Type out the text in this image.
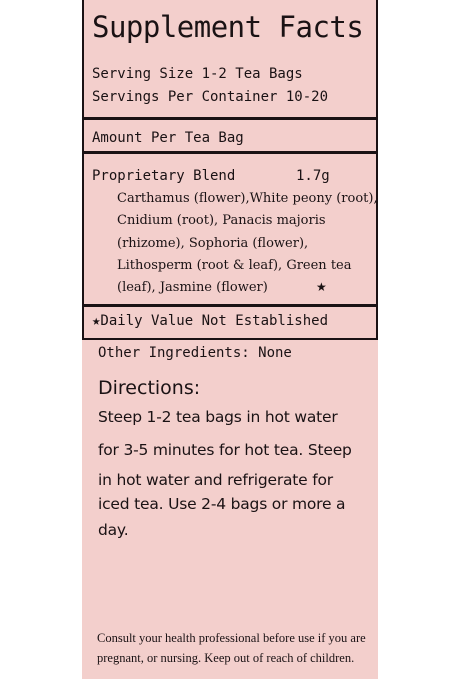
Supplement Facts
Serving Size 1-2 Tea Bags
Servings Per Container 10-20
Amount Per Tea Bag
Proprietary Blend	1.7g
Carthamus (flower),White peony (root),
Cnidium (root), Panacis majoris
(rhizome), Sophoria (flower),
Lithosperm (root & leaf), Green tea
(leaf), Jasmine (flower)	★
★Daily Value Not Established
Other Ingredients: None
Directions:
Steep 1-2 tea bags in hot water
for 3-5 minutes for hot tea. Steep
in hot water and refrigerate for
iced tea. Use 2-4 bags or more a
day.
Consult your health professional before use if you are
pregnant, or nursing. Keep out of reach of children.
